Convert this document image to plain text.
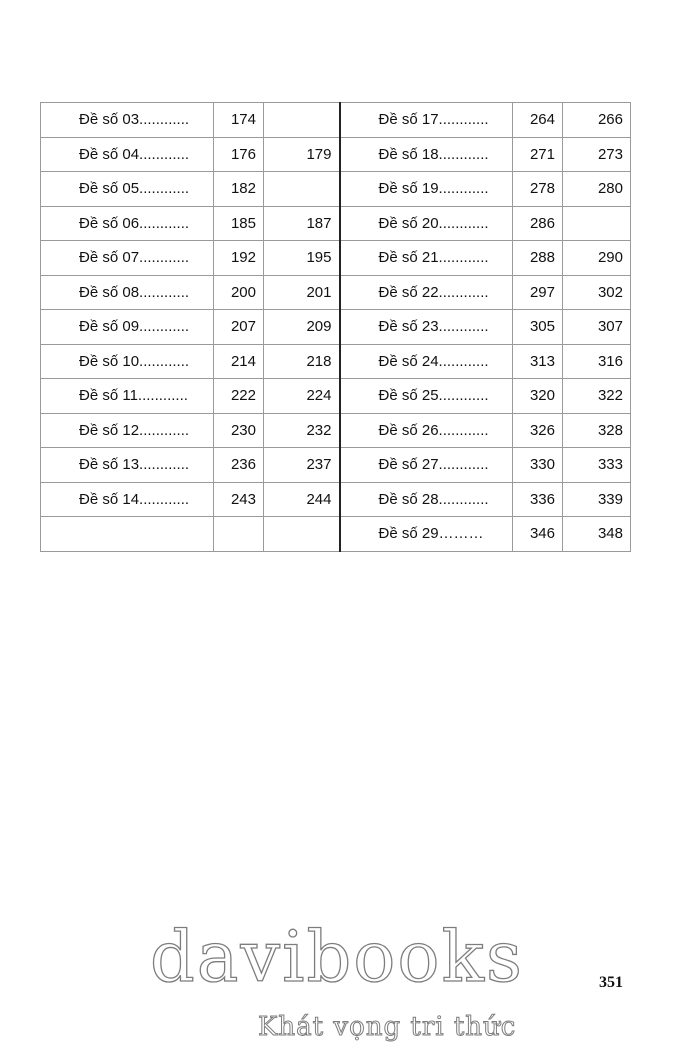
Đề số 03............	174		Đề số 17............	264	266
Đề số 04............	176	179	Đề số 18............	271	273
Đề số 05............	182		Đề số 19............	278	280
Đề số 06............	185	187	Đề số 20............	286	
Đề số 07............	192	195	Đề số 21............	288	290
Đề số 08............	200	201	Đề số 22............	297	302
Đề số 09............	207	209	Đề số 23............	305	307
Đề số 10............	214	218	Đề số 24............	313	316
Đề số 11............	222	224	Đề số 25............	320	322
Đề số 12............	230	232	Đề số 26............	326	328
Đề số 13............	236	237	Đề số 27............	330	333
Đề số 14............	243	244	Đề số 28............	336	339
			Đề số 29………	346	348
351
davibooks
Khát vọng tri thức
